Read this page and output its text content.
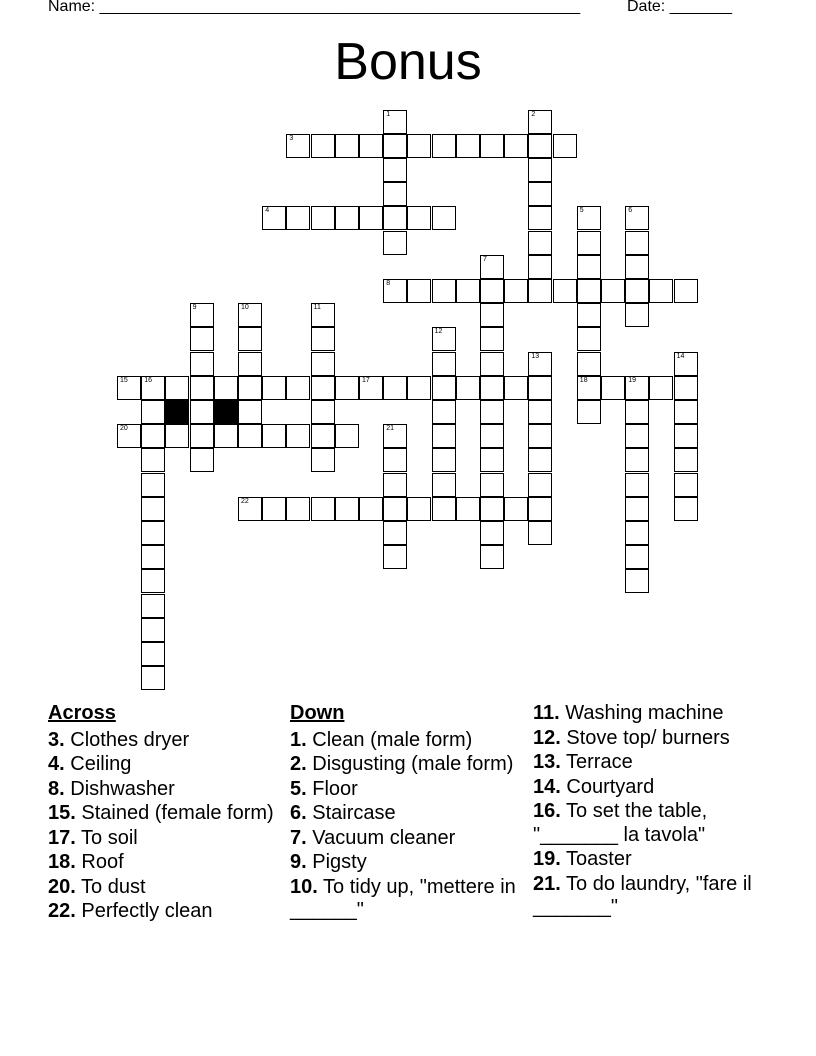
Name: ______________________________________________________	Date: _______
Bonus
3
4
8
15 16	17	18	19
20
22
1	2
5	6
7
9	10	11
12
13	14
21
Across
3. Clothes dryer
4. Ceiling
8. Dishwasher
15. Stained (female form)
17. To soil
18. Roof
20. To dust
22. Perfectly clean
Down
1. Clean (male form)
2. Disgusting (male form)
5. Floor
6. Staircase
7. Vacuum cleaner
9. Pigsty
10. To tidy up, "mettere in ______"
11. Washing machine
12. Stove top/ burners
13. Terrace
14. Courtyard
16. To set the table, "_______ la tavola"
19. Toaster
21. To do laundry, "fare il _______"
